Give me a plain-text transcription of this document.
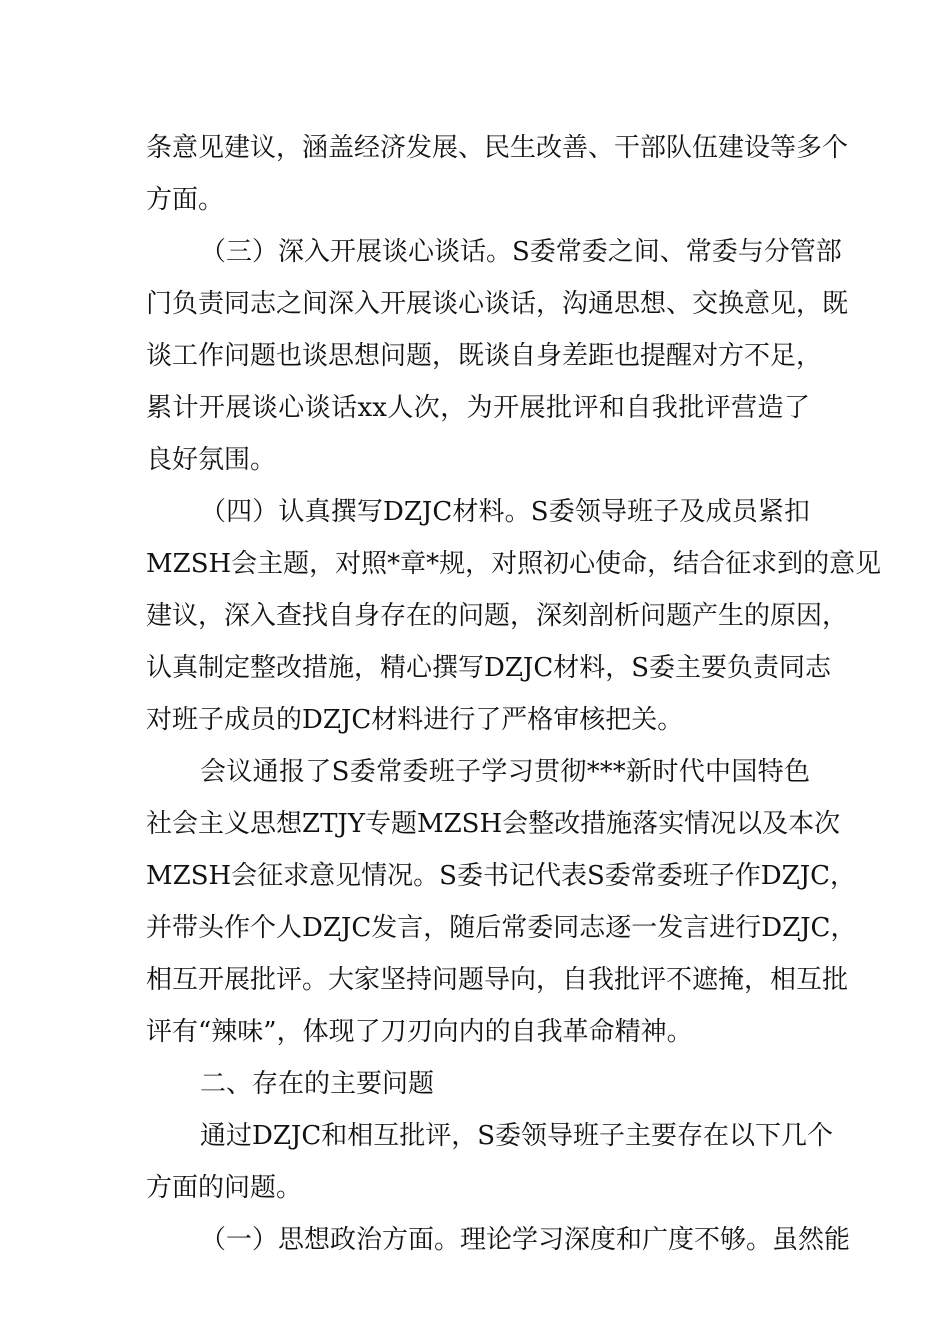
条意见建议，涵盖经济发展、民生改善、干部队伍建设等多个
方面。
（三）深入开展谈心谈话。S委常委之间、常委与分管部
门负责同志之间深入开展谈心谈话，沟通思想、交换意见，既
谈工作问题也谈思想问题，既谈自身差距也提醒对方不足，
累计开展谈心谈话xx人次，为开展批评和自我批评营造了
良好氛围。
（四）认真撰写DZJC材料。S委领导班子及成员紧扣
MZSH会主题，对照*章*规，对照初心使命，结合征求到的意见
建议，深入查找自身存在的问题，深刻剖析问题产生的原因，
认真制定整改措施，精心撰写DZJC材料，S委主要负责同志
对班子成员的DZJC材料进行了严格审核把关。
会议通报了S委常委班子学习贯彻***新时代中国特色
社会主义思想ZTJY专题MZSH会整改措施落实情况以及本次
MZSH会征求意见情况。S委书记代表S委常委班子作DZJC，
并带头作个人DZJC发言，随后常委同志逐一发言进行DZJC，
相互开展批评。大家坚持问题导向，自我批评不遮掩，相互批
评有“辣味”，体现了刀刃向内的自我革命精神。
二、存在的主要问题
通过DZJC和相互批评，S委领导班子主要存在以下几个
方面的问题。
（一）思想政治方面。理论学习深度和广度不够。虽然能
